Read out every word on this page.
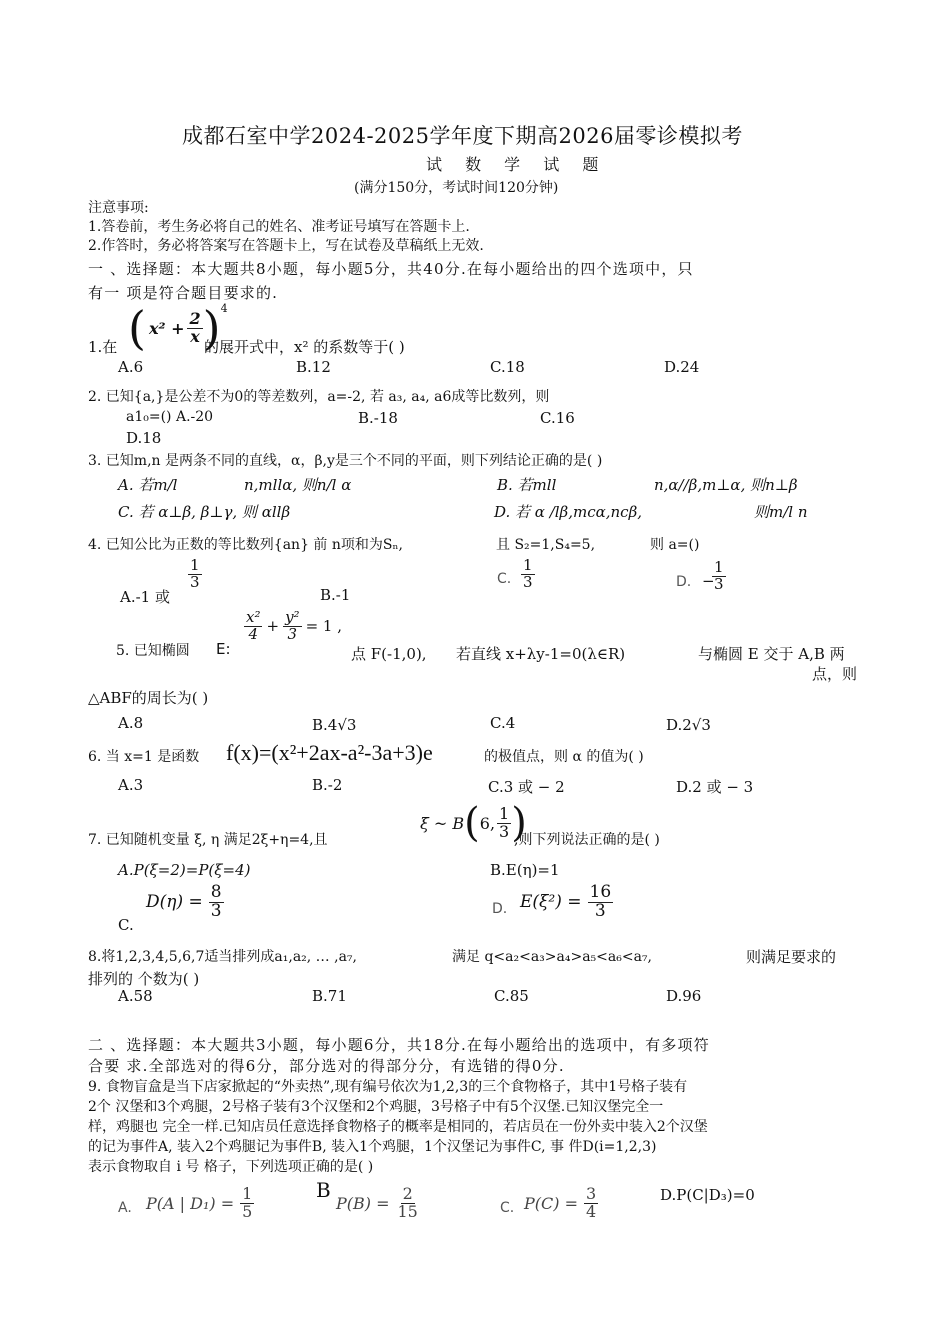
成都石室中学2024-2025学年度下期高2026届零诊模拟考
试 数 学 试 题
(满分150分，考试时间120分钟)
注意事项:
1.答卷前，考生务必将自己的姓名、准考证号填写在答题卡上.
2.作答时，务必将答案写在答题卡上，写在试卷及草稿纸上无效.
一 、选择题：本大题共8小题，每小题5分，共40分.在每小题给出的四个选项中，只
有一 项是符合题目要求的.
1.在 ( $x^2 + \frac{2}{x}$ ) 4
的展开式中，x² 的系数等于( )
A.6	B.12	C.18	D.24
2. 已知{a,}是公差不为0的等差数列，a=-2, 若 a₃, a₄, a6成等比数列，则
a1₀=() A.-20	B.-18	C.16
D.18
3. 已知m,n 是两条不同的直线，α，β,y是三个不同的平面，则下列结论正确的是( )
A. 若m/l	n,mllα, 则n/l α	B. 若mll	n,α//β,m⊥α, 则n⊥β
C. 若 α⊥β, β⊥γ, 则 αllβ	D. 若 α /lβ,mcα,ncβ,	则m/l n
4. 已知公比为正数的等比数列{an} 前 n项和为Sₙ,	且 S₂=1,S₄=5,	则 a=()
A.-1 或
$\frac{1}{3}$
B.-1
C. $\frac{1}{3}$	D. −
$\frac{1}{3}$
5. 已知椭圆 E:
$\frac{\text{x²}}{4} + \frac{\text{y²}}{3} = 1$ ,
点 F(-1,0), 若直线 x+λy-1=0(λ∈R)	与椭圆 E 交于 A,B 两
点，则
△ABF的周长为( )
A.8	B.4√3	C.4	D.2√3
6. 当 x=1 是函数 f(x)=(x²+2ax-a²-3a+3)e	的极值点，则 α 的值为( )
A.3	B.-2	C.3 或 − 2	D.2 或 − 3
7. 已知随机变量 ξ, η 满足2ξ+η=4,且
ξ ~ B ( 6, $\frac{1}{3}$ )
,则下列说法正确的是( )
A.P(ξ=2)=P(ξ=4)	B.E(η)=1
C.
$D(\eta) = \frac{8}{3}$	D. $E(\xi^2) = \frac{16}{3}$
8.将1,2,3,4,5,6,7适当排列成a₁,a₂, … ,a₇,	满足 q<a₂<a₃>a₄>a₅<a₆<a₇,	则满足要求的
排列的 个数为( )
A.58	B.71	C.85	D.96
二 、选择题：本大题共3小题，每小题6分，共18分.在每小题给出的选项中，有多项符
合要 求.全部选对的得6分，部分选对的得部分分，有选错的得0分.
9. 食物盲盒是当下店家掀起的“外卖热”,现有编号依次为1,2,3的三个食物格子，其中1号格子装有
2个 汉堡和3个鸡腿，2号格子装有3个汉堡和2个鸡腿，3号格子中有5个汉堡.已知汉堡完全一
样，鸡腿也 完全一样.已知店员任意选择食物格子的概率是相同的，若店员在一份外卖中装入2个汉堡
的记为事件A, 装入2个鸡腿记为事件B, 装入1个鸡腿，1个汉堡记为事件C, 事 件D(i=1,2,3)
表示食物取自 i 号 格子，下列选项正确的是( )
A. P(A | $D_1) = \frac{1}{5}$	B
$P(B) = \frac{2}{15}$	C. $P(C) = \frac{3}{4}$	D.P(C|D₃)=0
